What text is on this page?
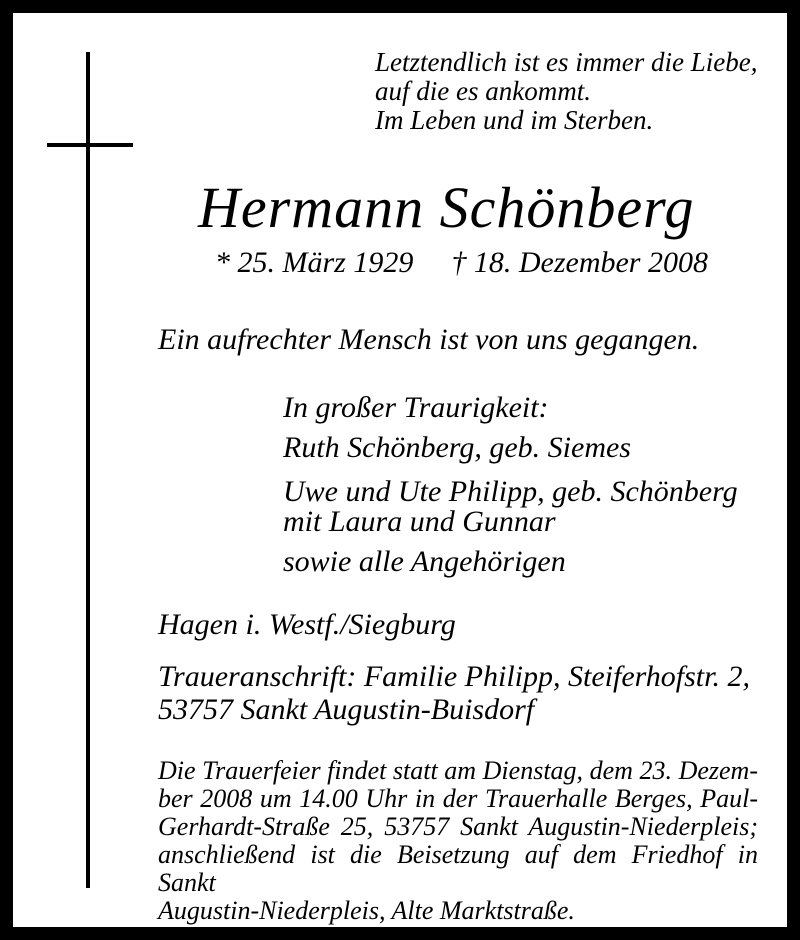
Letztendlich ist es immer die Liebe,
auf die es ankommt.
Im Leben und im Sterben.
Hermann Schönberg
* 25. März 1929 † 18. Dezember 2008
Ein aufrechter Mensch ist von uns gegangen.
In großer Traurigkeit:
Ruth Schönberg, geb. Siemes
Uwe und Ute Philipp, geb. Schönberg
mit Laura und Gunnar
sowie alle Angehörigen
Hagen i. Westf./Siegburg
Traueranschrift: Familie Philipp, Steiferhofstr. 2,
53757 Sankt Augustin-Buisdorf
Die Trauerfeier findet statt am Dienstag, dem 23. Dezem-
ber 2008 um 14.00 Uhr in der Trauerhalle Berges, Paul-
Gerhardt-Straße 25, 53757 Sankt Augustin-Niederpleis;
anschließend ist die Beisetzung auf dem Friedhof in Sankt
Augustin-Niederpleis, Alte Marktstraße.
